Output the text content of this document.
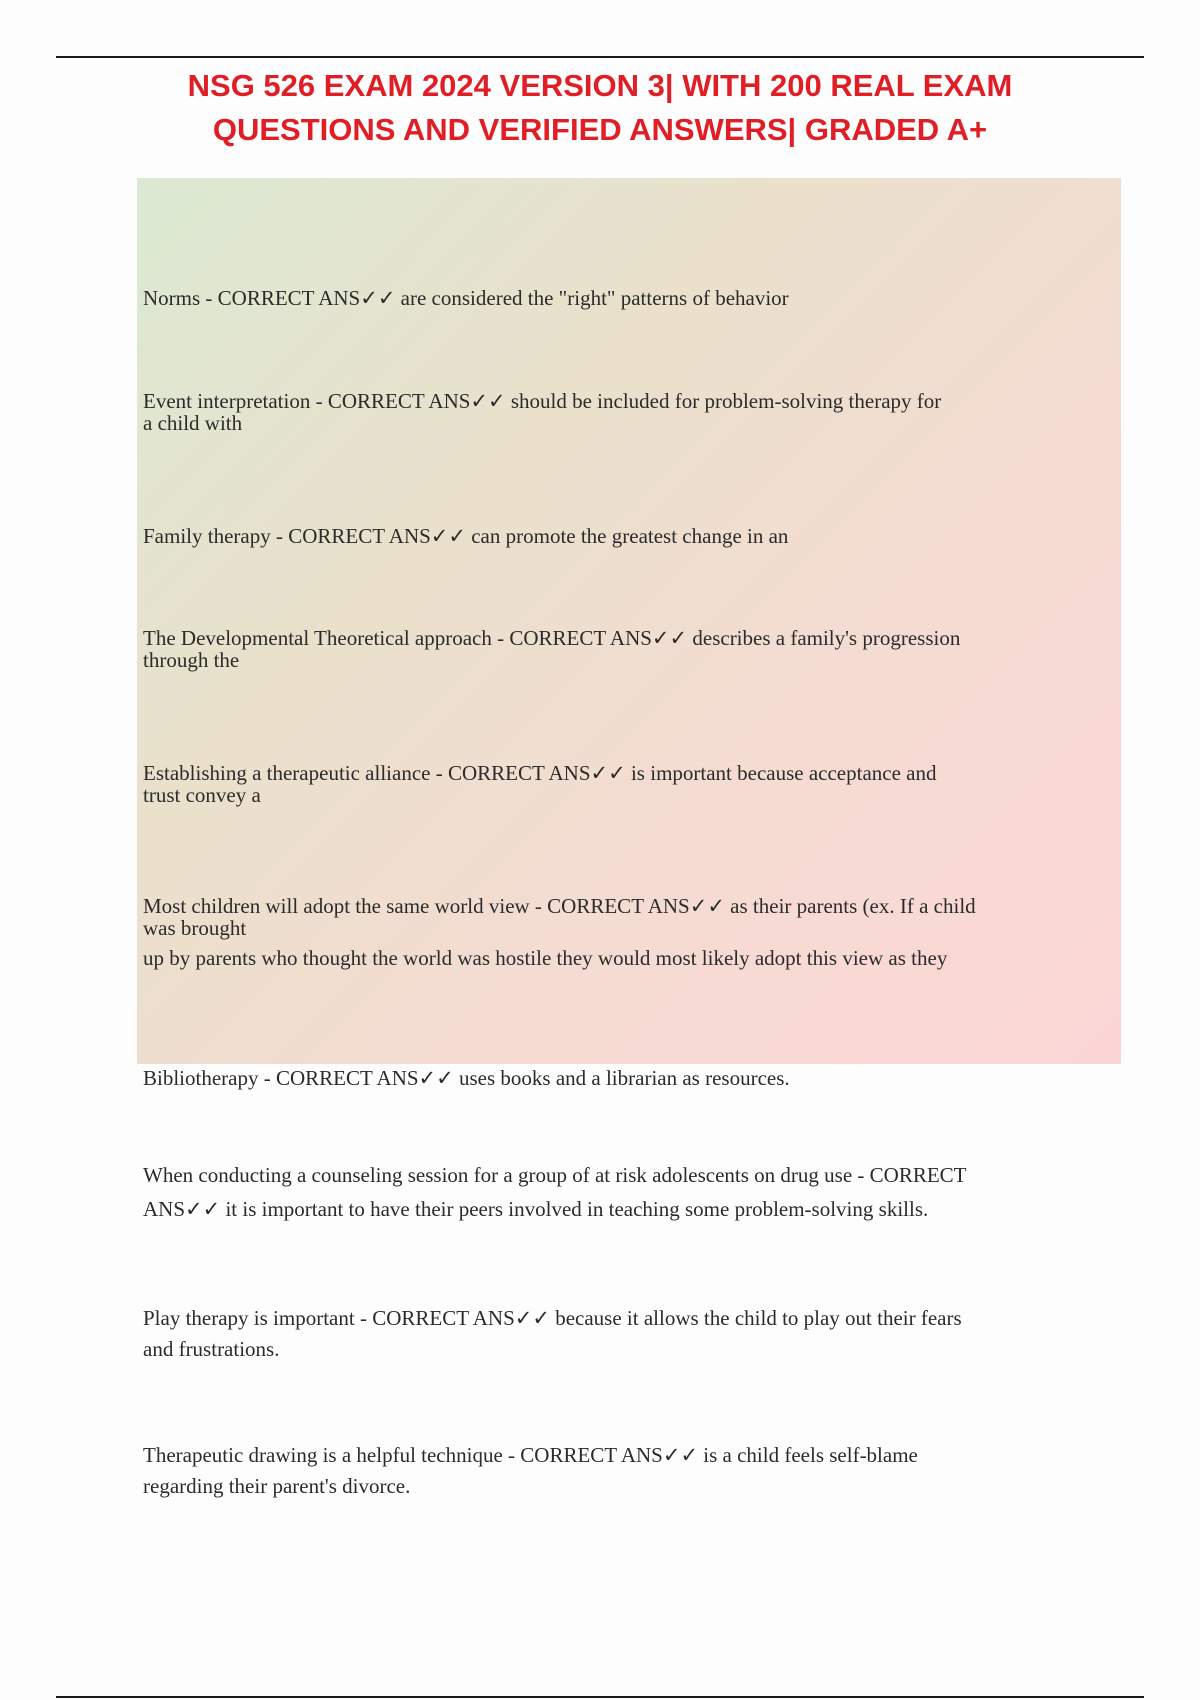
NSG 526 EXAM 2024 VERSION 3| WITH 200 REAL EXAM
QUESTIONS AND VERIFIED ANSWERS| GRADED A+
Norms - CORRECT ANS✓✓ are considered the "right" patterns of behavior
Event interpretation - CORRECT ANS✓✓ should be included for problem-solving therapy for
a child with
Family therapy - CORRECT ANS✓✓ can promote the greatest change in an
The Developmental Theoretical approach - CORRECT ANS✓✓ describes a family's progression
through the
Establishing a therapeutic alliance - CORRECT ANS✓✓ is important because acceptance and
trust convey a
Most children will adopt the same world view - CORRECT ANS✓✓ as their parents (ex. If a child
was brought
up by parents who thought the world was hostile they would most likely adopt this view as they
Bibliotherapy - CORRECT ANS✓✓ uses books and a librarian as resources.
When conducting a counseling session for a group of at risk adolescents on drug use - CORRECT
ANS✓✓ it is important to have their peers involved in teaching some problem-solving skills.
Play therapy is important - CORRECT ANS✓✓ because it allows the child to play out their fears
and frustrations.
Therapeutic drawing is a helpful technique - CORRECT ANS✓✓ is a child feels self-blame
regarding their parent's divorce.
